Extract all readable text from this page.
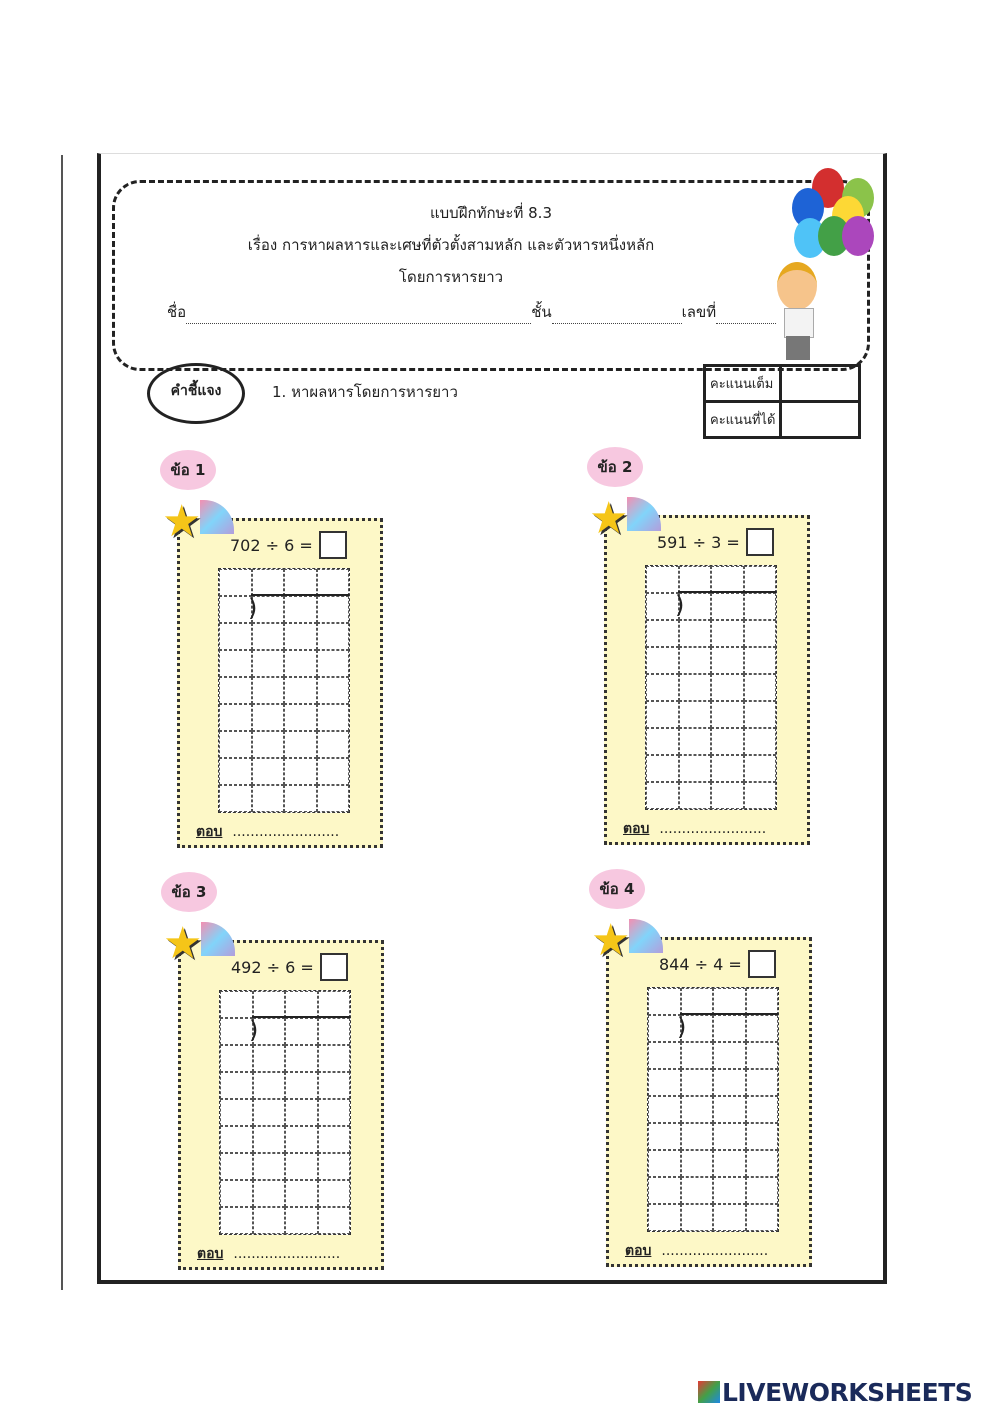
แบบฝึกทักษะที่ 8.3
เรื่อง การหาผลหารและเศษที่ตัวตั้งสามหลัก และตัวหารหนึ่งหลัก
โดยการหารยาว
ชื่อ	ชั้น	เลขที่
คำชี้แจง	1. หาผลหารโดยการหารยาว	คะแนนเต็ม	
คะแนนที่ได้	
702 ÷ 6 =
)
ตอบ ........................
ข้อ 1
★	591 ÷ 3 =
)
ตอบ ........................
ข้อ 2
★
492 ÷ 6 =
)
ตอบ ........................
ข้อ 3
★	844 ÷ 4 =
)
ตอบ ........................
ข้อ 4
★
LIVEWORKSHEETS
